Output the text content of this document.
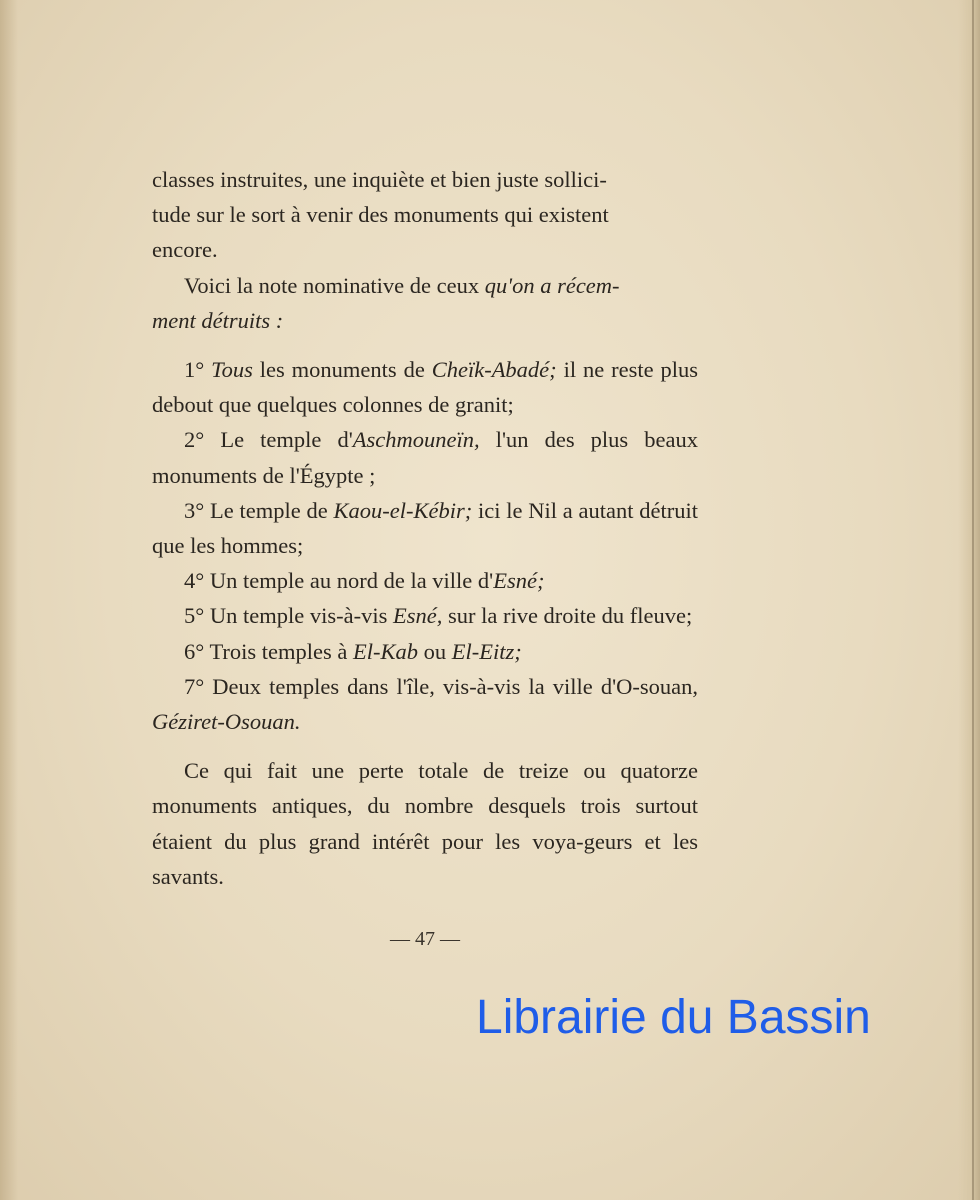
classes instruites, une inquiète et bien juste sollici-
tude sur le sort à venir des monuments qui existent
encore.

Voici la note nominative de ceux qu'on a récem-
ment détruits :

1° Tous les monuments de Cheïk-Abadé; il ne reste plus debout que quelques colonnes de granit;

2° Le temple d'Aschmouneïn, l'un des plus beaux monuments de l'Égypte ;

3° Le temple de Kaou-el-Kébir; ici le Nil a autant détruit que les hommes;

4° Un temple au nord de la ville d'Esné;

5° Un temple vis-à-vis Esné, sur la rive droite du fleuve;

6° Trois temples à El-Kab ou El-Eitz;

7° Deux temples dans l'île, vis-à-vis la ville d'O-souan, Géziret-Osouan.

Ce qui fait une perte totale de treize ou quatorze monuments antiques, du nombre desquels trois surtout étaient du plus grand intérêt pour les voya-geurs et les savants.

— 47 —
Librairie du Bassin
